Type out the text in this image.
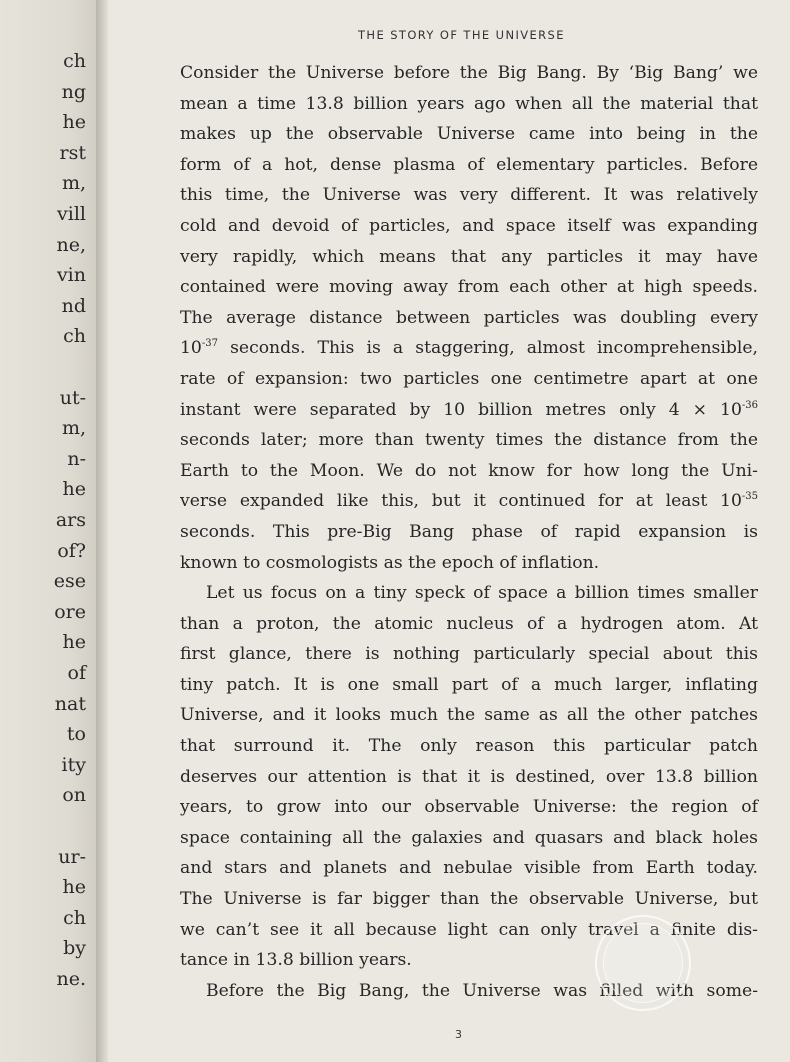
ch
ng
he
rst
m,
vill
ne,
vin
nd
ch
ut-
m,
n-
he
ars
of?
ese
ore
he
of
nat
to
ity
on
ur-
he
ch
by
ne.
THE STORY OF THE UNIVERSE
Consider the Universe before the Big Bang. By ‘Big Bang’ we
mean a time 13.8 billion years ago when all the material that
makes up the observable Universe came into being in the
form of a hot, dense plasma of elementary particles. Before
this time, the Universe was very different. It was relatively
cold and devoid of particles, and space itself was expanding
very rapidly, which means that any particles it may have
contained were moving away from each other at high speeds.
The average distance between particles was doubling every
$10^{-37}$ seconds. This is a staggering, almost incomprehensible,
rate of expansion: two particles one centimetre apart at one
instant were separated by 10 billion metres only $4 \times 10^{-36}$
seconds later; more than twenty times the distance from the
Earth to the Moon. We do not know for how long the Uni-
verse expanded like this, but it continued for at least $10^{-35}$
seconds. This pre-Big Bang phase of rapid expansion is
known to cosmologists as the epoch of inflation.
Let us focus on a tiny speck of space a billion times smaller
than a proton, the atomic nucleus of a hydrogen atom. At
first glance, there is nothing particularly special about this
tiny patch. It is one small part of a much larger, inflating
Universe, and it looks much the same as all the other patches
that surround it. The only reason this particular patch
deserves our attention is that it is destined, over 13.8 billion
years, to grow into our observable Universe: the region of
space containing all the galaxies and quasars and black holes
and stars and planets and nebulae visible from Earth today.
The Universe is far bigger than the observable Universe, but
we can’t see it all because light can only travel a finite dis-
tance in 13.8 billion years.
Before the Big Bang, the Universe was filled with some-
3
